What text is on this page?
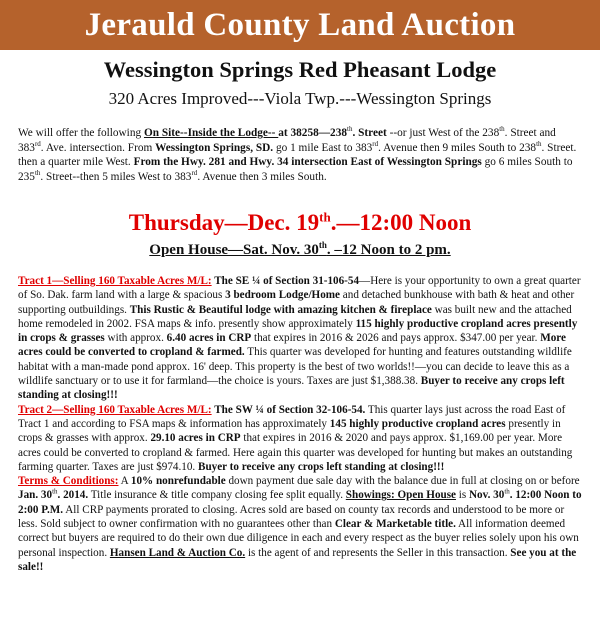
Jerauld County Land Auction
Wessington Springs Red Pheasant Lodge
320 Acres Improved---Viola Twp.---Wessington Springs
We will offer the following On Site--Inside the Lodge-- at 38258—238th. Street --or just West of the 238th. Street and 383rd. Ave. intersection. From Wessington Springs, SD. go 1 mile East to 383rd. Avenue then 9 miles South to 238th. Street. then a quarter mile West. From the Hwy. 281 and Hwy. 34 intersection East of Wessington Springs go 6 miles South to 235th. Street--then 5 miles West to 383rd. Avenue then 3 miles South.
Thursday—Dec. 19th.—12:00 Noon
Open House—Sat. Nov. 30th. –12 Noon to 2 pm.

Tract 1—Selling 160 Taxable Acres M/L: The SE ¼ of Section 31-106-54—Here is your opportunity to own a great quarter of So. Dak. farm land with a large & spacious 3 bedroom Lodge/Home and detached bunkhouse with bath & heat and other supporting outbuildings. This Rustic & Beautiful lodge with amazing kitchen & fireplace was built new and the attached home remodeled in 2002. FSA maps & info. presently show approximately 115 highly productive cropland acres presently in crops & grasses with approx. 6.40 acres in CRP that expires in 2016 & 2026 and pays approx. $347.00 per year. More acres could be converted to cropland & farmed. This quarter was developed for hunting and features outstanding wildlife habitat with a man-made pond approx. 16' deep. This property is the best of two worlds!!—you can decide to leave this as a wildlife sanctuary or to use it for farmland—the choice is yours. Taxes are just $1,388.38. Buyer to receive any crops left standing at closing!!!

Tract 2—Selling 160 Taxable Acres M/L: The SW ¼ of Section 32-106-54. This quarter lays just across the road East of Tract 1 and according to FSA maps & information has approximately 145 highly productive cropland acres presently in crops & grasses with approx. 29.10 acres in CRP that expires in 2016 & 2020 and pays approx. $1,169.00 per year. More acres could be converted to cropland & farmed. Here again this quarter was developed for hunting but makes an outstanding farming quarter. Taxes are just $974.10. Buyer to receive any crops left standing at closing!!!

Terms & Conditions: A 10% nonrefundable down payment due sale day with the balance due in full at closing on or before Jan. 30th. 2014. Title insurance & title company closing fee split equally. Showings: Open House is Nov. 30th. 12:00 Noon to 2:00 P.M. All CRP payments prorated to closing. Acres sold are based on county tax records and understood to be more or less. Sold subject to owner confirmation with no guarantees other than Clear & Marketable title. All information deemed correct but buyers are required to do their own due diligence in each and every respect as the buyer relies solely upon his own personal inspection. Hansen Land & Auction Co. is the agent of and represents the Seller in this transaction. See you at the sale!!
